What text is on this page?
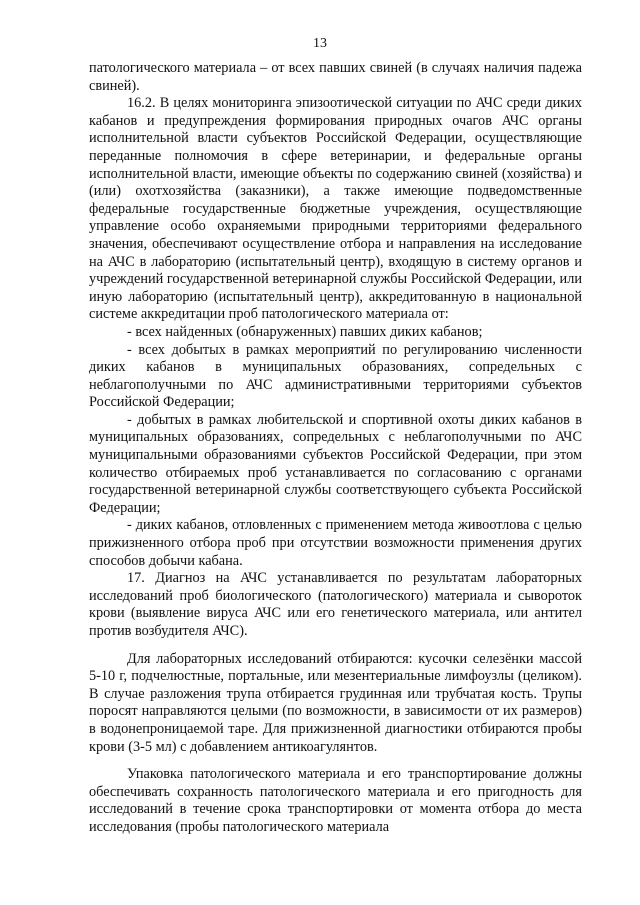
13

патологического материала – от всех павших свиней (в случаях наличия падежа свиней).

16.2. В целях мониторинга эпизоотической ситуации по АЧС среди диких кабанов и предупреждения формирования природных очагов АЧС органы исполнительной власти субъектов Российской Федерации, осуществляющие переданные полномочия в сфере ветеринарии, и федеральные органы исполнительной власти, имеющие объекты по содержанию свиней (хозяйства) и (или) охотхозяйства (заказники), а также имеющие подведомственные федеральные государственные бюджетные учреждения, осуществляющие управление особо охраняемыми природными территориями федерального значения, обеспечивают осуществление отбора и направления на исследование на АЧС в лабораторию (испытательный центр), входящую в систему органов и учреждений государственной ветеринарной службы Российской Федерации, или иную лабораторию (испытательный центр), аккредитованную в национальной системе аккредитации проб патологического материала от:

- всех найденных (обнаруженных) павших диких кабанов;

- всех добытых в рамках мероприятий по регулированию численности диких кабанов в муниципальных образованиях, сопредельных с неблагополучными по АЧС административными территориями субъектов Российской Федерации;

- добытых в рамках любительской и спортивной охоты диких кабанов в муниципальных образованиях, сопредельных с неблагополучными по АЧС муниципальными образованиями субъектов Российской Федерации, при этом количество отбираемых проб устанавливается по согласованию с органами государственной ветеринарной службы соответствующего субъекта Российской Федерации;

- диких кабанов, отловленных с применением метода живоотлова с целью прижизненного отбора проб при отсутствии возможности применения других способов добычи кабана.

17. Диагноз на АЧС устанавливается по результатам лабораторных исследований проб биологического (патологического) материала и сывороток крови (выявление вируса АЧС или его генетического материала, или антител против возбудителя АЧС).

Для лабораторных исследований отбираются: кусочки селезёнки массой 5-10 г, подчелюстные, портальные, или мезентериальные лимфоузлы (целиком). В случае разложения трупа отбирается грудинная или трубчатая кость. Трупы поросят направляются целыми (по возможности, в зависимости от их размеров) в водонепроницаемой таре. Для прижизненной диагностики отбираются пробы крови (3-5 мл) с добавлением антикоагулянтов.

Упаковка патологического материала и его транспортирование должны обеспечивать сохранность патологического материала и его пригодность для исследований в течение срока транспортировки от момента отбора до места исследования (пробы патологического материала
